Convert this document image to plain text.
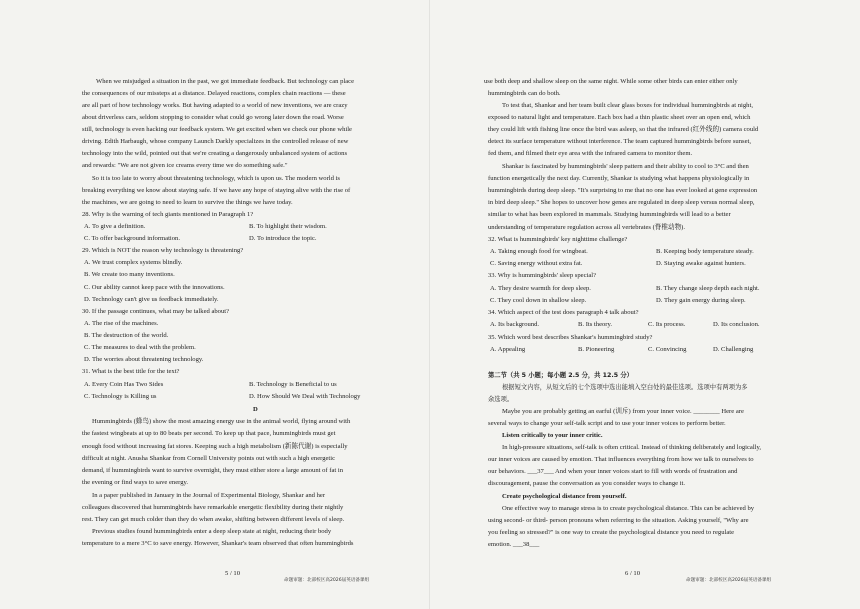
When we misjudged a situation in the past, we got immediate feedback. But technology can place
the consequences of our missteps at a distance. Delayed reactions, complex chain reactions — these
are all part of how technology works. But having adapted to a world of new inventions, we are crazy
about driverless cars, seldom stopping to consider what could go wrong later down the road. Worse
still, technology is even hacking our feedback system. We get excited when we check our phone while
driving. Edith Harbaugh, whose company Launch Darkly specializes in the controlled release of new
technology into the wild, pointed out that we're creating a dangerously unbalanced system of actions
and rewards: "We are not given ice creams every time we do something safe."
So it is too late to worry about threatening technology, which is upon us. The modern world is
breaking everything we know about staying safe. If we have any hope of staying alive with the rise of
the machines, we are going to need to learn to survive the things we have today.
28. Why is the warning of tech giants mentioned in Paragraph 1?
A. To give a definition.	B. To highlight their wisdom.
C. To offer background information.	D. To introduce the topic.
29. Which is NOT the reason why technology is threatening?
A. We trust complex systems blindly.
B. We create too many inventions.
C. Our ability cannot keep pace with the innovations.
D. Technology can't give us feedback immediately.
30. If the passage continues, what may be talked about?
A. The rise of the machines.
B. The destruction of the world.
C. The measures to deal with the problem.
D. The worries about threatening technology.
31. What is the best title for the text?
A. Every Coin Has Two Sides	B. Technology is Beneficial to us
C. Technology is Killing us	D. How Should We Deal with Technology
D
Hummingbirds (蜂鸟) show the most amazing energy use in the animal world, flying around with
the fastest wingbeats at up to 80 beats per second. To keep up that pace, hummingbirds must get
enough food without increasing fat stores. Keeping such a high metabolism (新陈代谢) is especially
difficult at night. Anusha Shankar from Cornell University points out with such a high energetic
demand, if hummingbirds want to survive overnight, they must either store a large amount of fat in
the evening or find ways to save energy.
In a paper published in January in the Journal of Experimental Biology, Shankar and her
colleagues discovered that hummingbirds have remarkable energetic flexibility during their nightly
rest. They can get much colder than they do when awake, shifting between different levels of sleep.
Previous studies found hummingbirds enter a deep sleep state at night, reducing their body
temperature to a mere 3°C to save energy. However, Shankar's team observed that often hummingbirds
5 / 10
命题审题：北部校区高2026届英语备课组
use both deep and shallow sleep on the same night. While some other birds can enter either only
hummingbirds can do both.
To test that, Shankar and her team built clear glass boxes for individual hummingbirds at night,
exposed to natural light and temperature. Each box had a thin plastic sheet over an open end, which
they could lift with fishing line once the bird was asleep, so that the infrared (红外线的) camera could
detect its surface temperature without interference. The team captured hummingbirds before sunset,
fed them, and filmed their eye area with the infrared camera to monitor them.
Shankar is fascinated by hummingbirds' sleep pattern and their ability to cool to 3°C and then
function energetically the next day. Currently, Shankar is studying what happens physiologically in
hummingbirds during deep sleep. "It's surprising to me that no one has ever looked at gene expression
in bird deep sleep." She hopes to uncover how genes are regulated in deep sleep versus normal sleep,
similar to what has been explored in mammals. Studying hummingbirds will lead to a better
understanding of temperature regulation across all vertebrates (脊椎动物).
32. What is hummingbirds' key nighttime challenge?
A. Taking enough food for wingbeat.	B. Keeping body temperature steady.
C. Saving energy without extra fat.	D. Staying awake against hunters.
33. Why is hummingbirds' sleep special?
A. They desire warmth for deep sleep.	B. They change sleep depth each night.
C. They cool down in shallow sleep.	D. They gain energy during sleep.
34. Which aspect of the test does paragraph 4 talk about?
A. Its background.	B. Its theory.	C. Its process.	D. Its conclusion.
35. Which word best describes Shankar's hummingbird study?
A. Appealing	B. Pioneering	C. Convincing	D. Challenging
第二节（共 5 小题；每小题 2.5 分，共 12.5 分）
根据短文内容，从短文后的七个选项中选出能填入空白处的最佳选项。选项中有两项为多
余选项。
Maybe you are probably getting an earful (训斥) from your inner voice. ________ Here are
several ways to change your self-talk script and to use your inner voices to perform better.
Listen critically to your inner critic.
In high-pressure situations, self-talk is often critical. Instead of thinking deliberately and logically,
our inner voices are caused by emotion. That influences everything from how we talk to ourselves to
our behaviors. ___37___ And when your inner voices start to fill with words of frustration and
discouragement, pause the conversation as you consider ways to change it.
Create psychological distance from yourself.
One effective way to manage stress is to create psychological distance. This can be achieved by
using second- or third- person pronouns when referring to the situation. Asking yourself, "Why are
you feeling so stressed?" is one way to create the psychological distance you need to regulate
emotion. ___38___
6 / 10
命题审题：北部校区高2026届英语备课组
